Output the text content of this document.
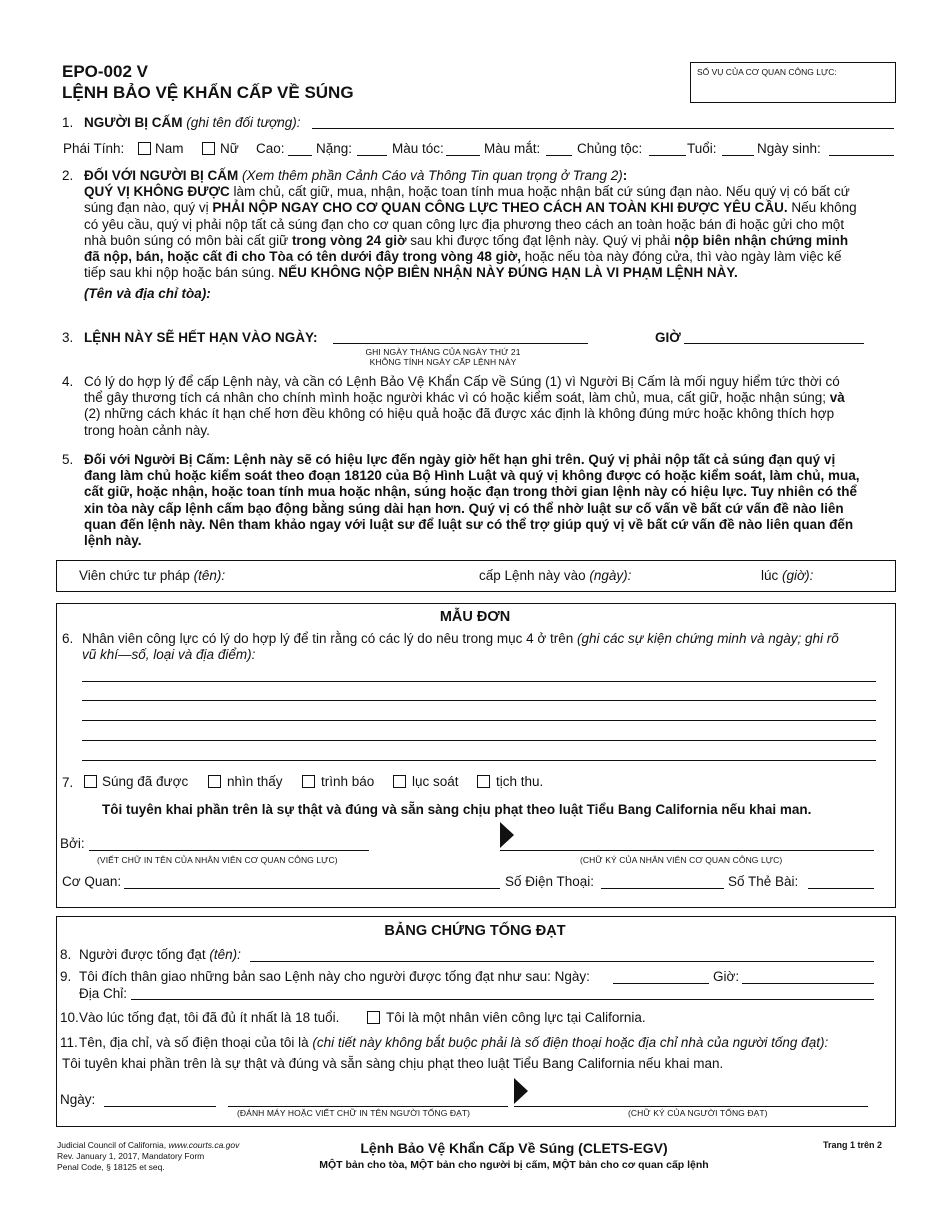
EPO-002 V
LỆNH BẢO VỆ KHẨN CẤP VỀ SÚNG
SỐ VỤ CỦA CƠ QUAN CÔNG LỰC:
1. NGƯỜI BỊ CẤM (ghi tên đối tượng):
Phái Tính: Nam	Nữ Cao: Nặng:	Màu tóc:	Màu mắt:	Chủng tộc:	Tuổi:	Ngày sinh:
2. ĐỐI VỚI NGƯỜI BỊ CẤM (Xem thêm phần Cảnh Cáo và Thông Tin quan trọng ở Trang 2):
QUÝ VỊ KHÔNG ĐƯỢC làm chủ, cất giữ, mua, nhận, hoặc toan tính mua hoặc nhận bất cứ súng đạn nào. Nếu quý vị có bất cứ
súng đạn nào, quý vị PHẢI NỘP NGAY CHO CƠ QUAN CÔNG LỰC THEO CÁCH AN TOÀN KHI ĐƯỢC YÊU CẦU. Nếu không
có yêu cầu, quý vị phải nộp tất cả súng đạn cho cơ quan công lực địa phương theo cách an toàn hoặc bán đi hoặc gửi cho một
nhà buôn súng có môn bài cất giữ trong vòng 24 giờ sau khi được tống đạt lệnh này. Quý vị phải nộp biên nhận chứng minh
đã nộp, bán, hoặc cất đi cho Tòa có tên dưới đây trong vòng 48 giờ, hoặc nếu tòa này đóng cửa, thì vào ngày làm việc kế
tiếp sau khi nộp hoặc bán súng. NẾU KHÔNG NỘP BIÊN NHẬN NÀY ĐÚNG HẠN LÀ VI PHẠM LỆNH NÀY.
(Tên và địa chỉ tòa):
3. LỆNH NÀY SẼ HẾT HẠN VÀO NGÀY:
GHI NGÀY THÁNG CỦA NGÀY THỨ 21
KHÔNG TÍNH NGÀY CẤP LỆNH NÀY
GIỜ
4. Có lý do hợp lý để cấp Lệnh này, và cần có Lệnh Bảo Vệ Khẩn Cấp về Súng (1) vì Người Bị Cấm là mối nguy hiểm tức thời có
thể gây thương tích cá nhân cho chính mình hoặc người khác vì có hoặc kiểm soát, làm chủ, mua, cất giữ, hoặc nhận súng; và
(2) những cách khác ít hạn chế hơn đều không có hiệu quả hoặc đã được xác định là không đúng mức hoặc không thích hợp
trong hoàn cảnh này.
5. Đối với Người Bị Cấm: Lệnh này sẽ có hiệu lực đến ngày giờ hết hạn ghi trên. Quý vị phải nộp tất cả súng đạn quý vị
đang làm chủ hoặc kiểm soát theo đoạn 18120 của Bộ Hình Luật và quý vị không được có hoặc kiểm soát, làm chủ, mua,
cất giữ, hoặc nhận, hoặc toan tính mua hoặc nhận, súng hoặc đạn trong thời gian lệnh này có hiệu lực. Tuy nhiên có thể
xin tòa này cấp lệnh cấm bạo động bằng súng dài hạn hơn. Quý vị có thể nhờ luật sư cố vấn về bất cứ vấn đề nào liên
quan đến lệnh này. Nên tham khảo ngay với luật sư để luật sư có thể trợ giúp quý vị về bất cứ vấn đề nào liên quan đến
lệnh này.
Viên chức tư pháp (tên):	cấp Lệnh này vào (ngày):	lúc (giờ):
MẪU ĐƠN
6. Nhân viên công lực có lý do hợp lý để tin rằng có các lý do nêu trong mục 4 ở trên (ghi các sự kiện chứng minh và ngày; ghi rõ
vũ khí—số, loại và địa điểm):
7. Súng đã được	nhìn thấy	trình báo	lục soát	tịch thu.
Tôi tuyên khai phần trên là sự thật và đúng và sẵn sàng chịu phạt theo luật Tiểu Bang California nếu khai man.
Bởi:
(VIẾT CHỮ IN TÊN CỦA NHÂN VIÊN CƠ QUAN CÔNG LỰC)	(CHỮ KÝ CỦA NHÂN VIÊN CƠ QUAN CÔNG LỰC)
Cơ Quan:	Số Điện Thoại:	Số Thẻ Bài:
BẢNG CHỨNG TỐNG ĐẠT
8. Người được tống đạt (tên):
9. Tôi đích thân giao những bản sao Lệnh này cho người được tống đạt như sau: Ngày:	Giờ:
Địa Chỉ:
10. Vào lúc tống đạt, tôi đã đủ ít nhất là 18 tuổi.	Tôi là một nhân viên công lực tại California.
11. Tên, địa chỉ, và số điện thoại của tôi là (chi tiết này không bắt buộc phải là số điện thoại hoặc địa chỉ nhà của người tống đạt):
Tôi tuyên khai phần trên là sự thật và đúng và sẵn sàng chịu phạt theo luật Tiểu Bang California nếu khai man.
Ngày:
(ĐÁNH MÁY HOẶC VIẾT CHỮ IN TÊN NGƯỜI TỐNG ĐẠT)	(CHỮ KÝ CỦA NGƯỜI TỐNG ĐẠT)
Judicial Council of California, www.courts.ca.gov
Rev. January 1, 2017, Mandatory Form
Penal Code, § 18125 et seq.
Lệnh Bảo Vệ Khẩn Cấp Về Súng (CLETS-EGV)
MỘT bản cho tòa, MỘT bản cho người bị cấm, MỘT bản cho cơ quan cấp lệnh
Trang 1 trên 2
